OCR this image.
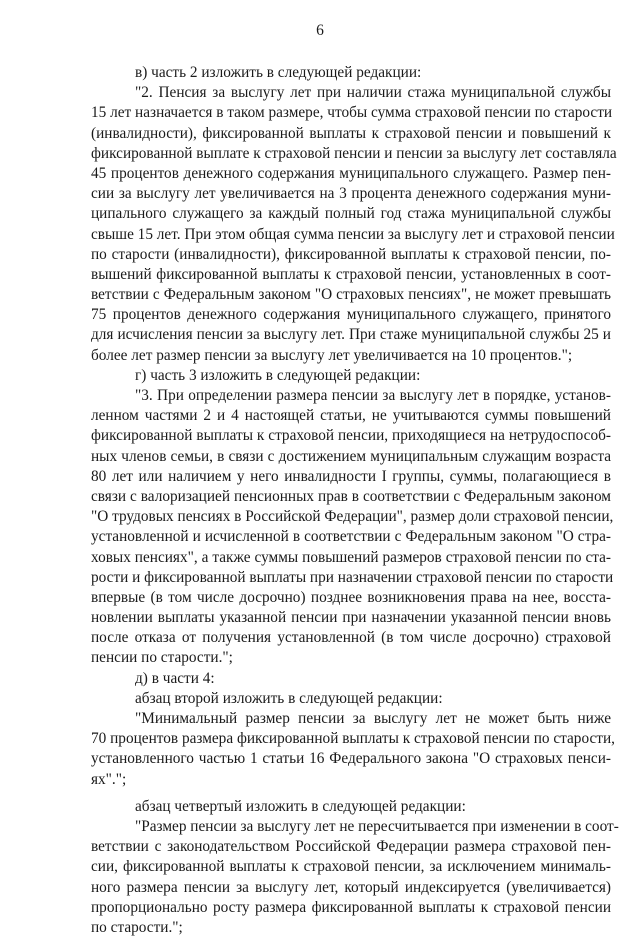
6
в) часть 2 изложить в следующей редакции:
"2. Пенсия за выслугу лет при наличии стажа муниципальной службы
15 лет назначается в таком размере, чтобы сумма страховой пенсии по старости
(инвалидности), фиксированной выплаты к страховой пенсии и повышений к
фиксированной выплате к страховой пенсии и пенсии за выслугу лет составляла
45 процентов денежного содержания муниципального служащего. Размер пен-
сии за выслугу лет увеличивается на 3 процента денежного содержания муни-
ципального служащего за каждый полный год стажа муниципальной службы
свыше 15 лет. При этом общая сумма пенсии за выслугу лет и страховой пенсии
по старости (инвалидности), фиксированной выплаты к страховой пенсии, по-
вышений фиксированной выплаты к страховой пенсии, установленных в соот-
ветствии с Федеральным законом "О страховых пенсиях", не может превышать
75 процентов денежного содержания муниципального служащего, принятого
для исчисления пенсии за выслугу лет. При стаже муниципальной службы 25 и
более лет размер пенсии за выслугу лет увеличивается на 10 процентов.";
г) часть 3 изложить в следующей редакции:
"3. При определении размера пенсии за выслугу лет в порядке, установ-
ленном частями 2 и 4 настоящей статьи, не учитываются суммы повышений
фиксированной выплаты к страховой пенсии, приходящиеся на нетрудоспособ-
ных членов семьи, в связи с достижением муниципальным служащим возраста
80 лет или наличием у него инвалидности I группы, суммы, полагающиеся в
связи с валоризацией пенсионных прав в соответствии с Федеральным законом
"О трудовых пенсиях в Российской Федерации", размер доли страховой пенсии,
установленной и исчисленной в соответствии с Федеральным законом "О стра-
ховых пенсиях", а также суммы повышений размеров страховой пенсии по ста-
рости и фиксированной выплаты при назначении страховой пенсии по старости
впервые (в том числе досрочно) позднее возникновения права на нее, восста-
новлении выплаты указанной пенсии при назначении указанной пенсии вновь
после отказа от получения установленной (в том числе досрочно) страховой
пенсии по старости.";
д) в части 4:
абзац второй изложить в следующей редакции:
"Минимальный размер пенсии за выслугу лет не может быть ниже
70 процентов размера фиксированной выплаты к страховой пенсии по старости,
установленного частью 1 статьи 16 Федерального закона "О страховых пенси-
ях".";
абзац четвертый изложить в следующей редакции:
"Размер пенсии за выслугу лет не пересчитывается при изменении в соот-
ветствии с законодательством Российской Федерации размера страховой пен-
сии, фиксированной выплаты к страховой пенсии, за исключением минималь-
ного размера пенсии за выслугу лет, который индексируется (увеличивается)
пропорционально росту размера фиксированной выплаты к страховой пенсии
по старости.";
